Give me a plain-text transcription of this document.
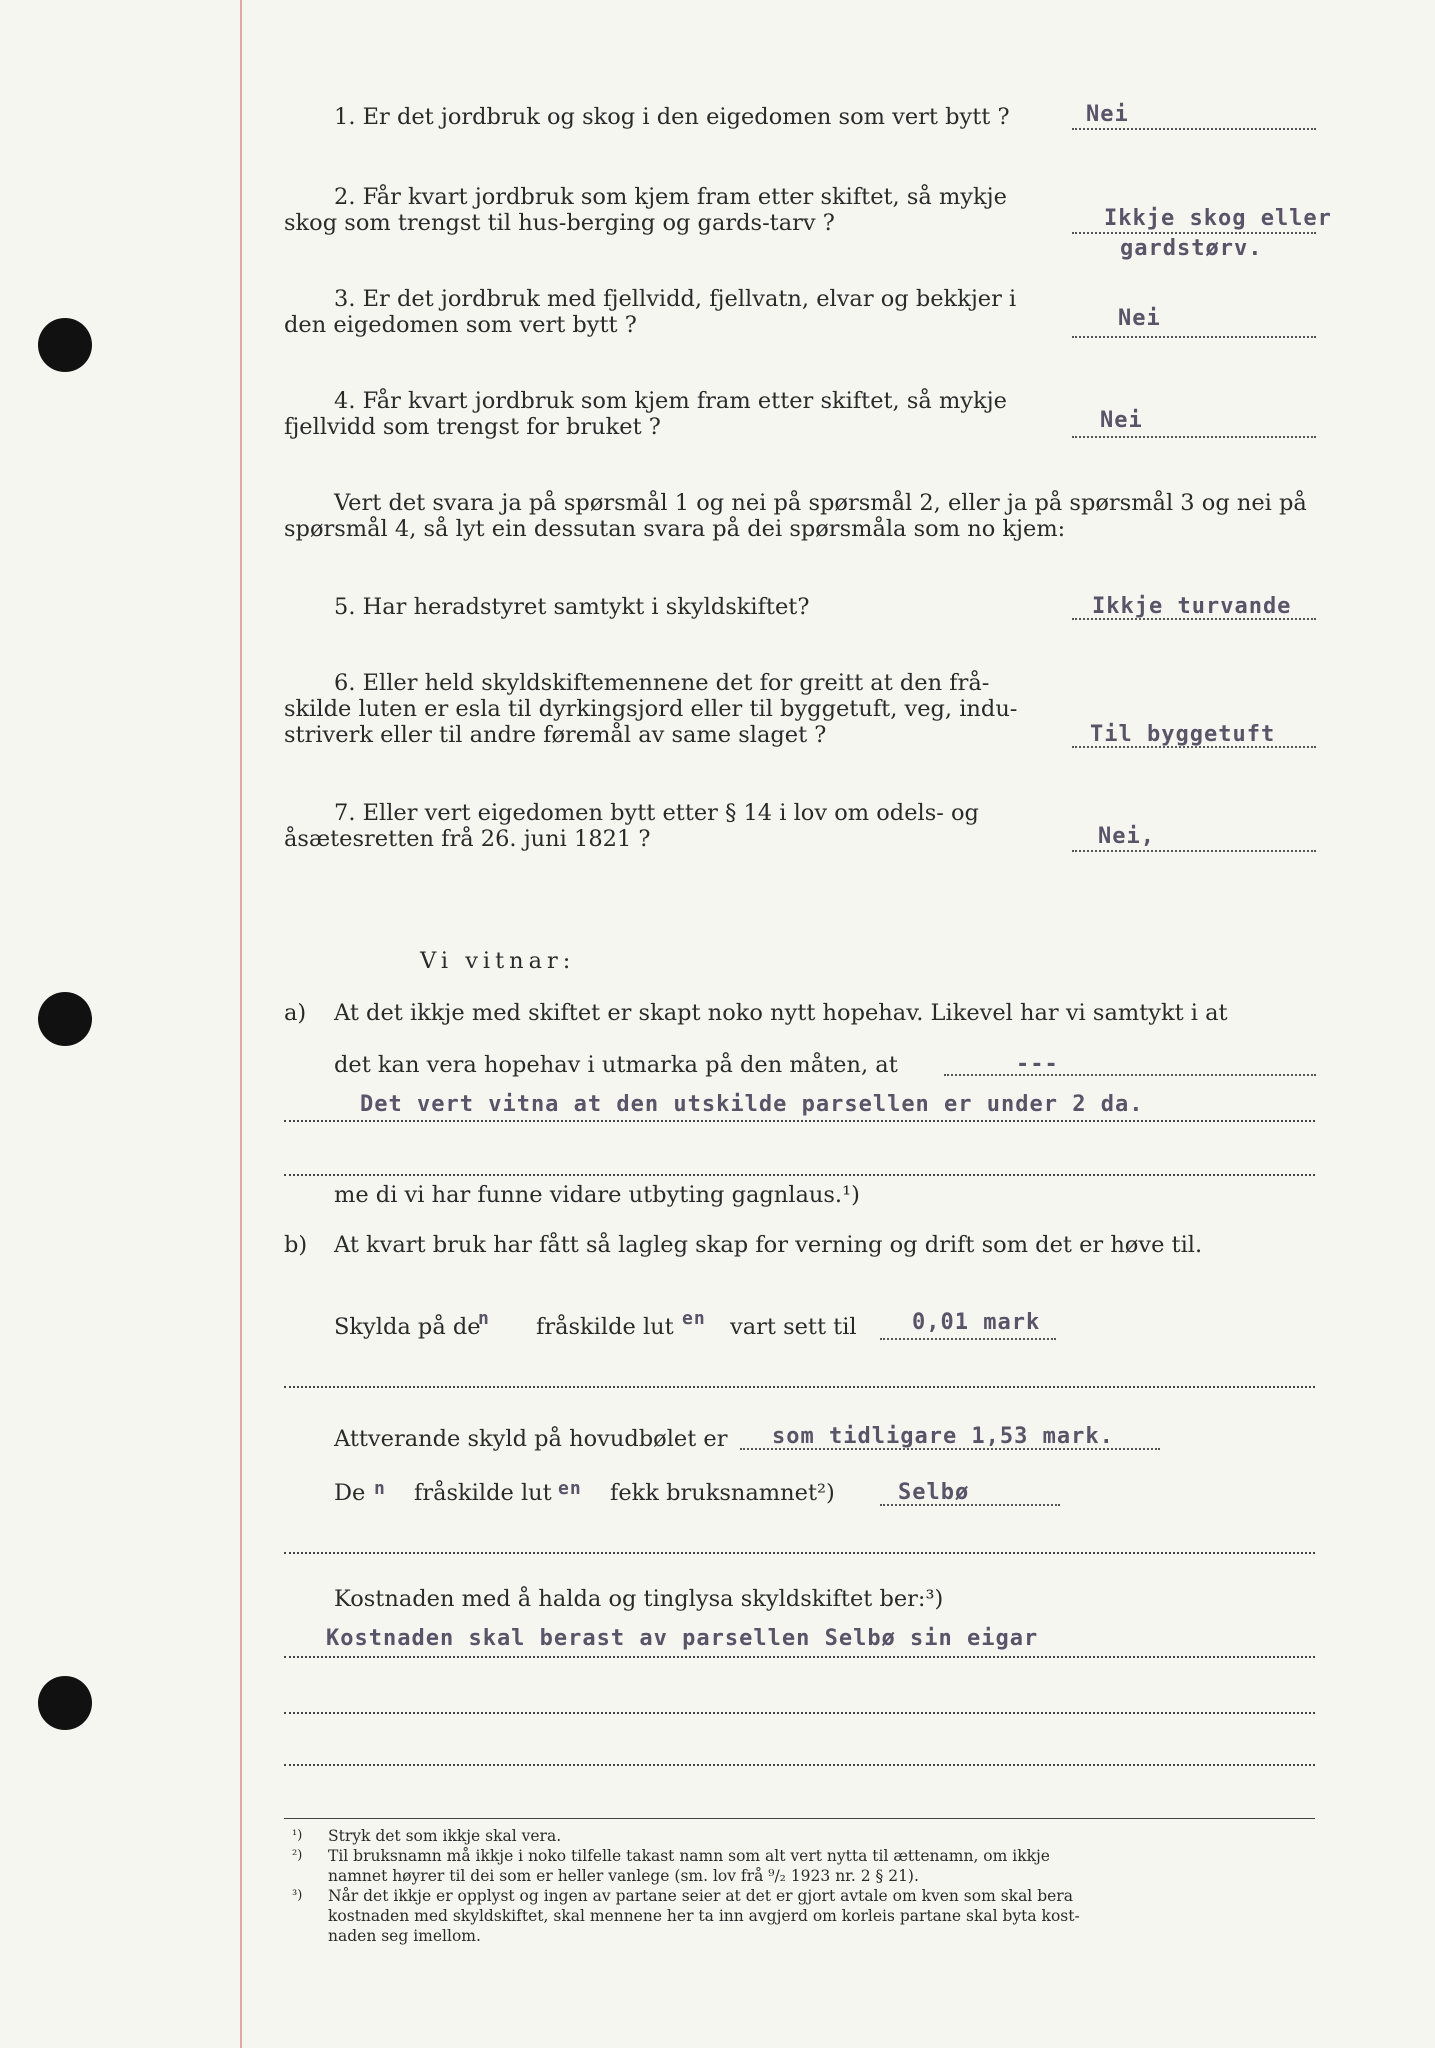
1. Er det jordbruk og skog i den eigedomen som vert bytt ?	Nei
2. Får kvart jordbruk som kjem fram etter skiftet, så mykje
skog som trengst til hus-berging og gards-tarv ?	Ikkje skog eller
gardstørv.
3. Er det jordbruk med fjellvidd, fjellvatn, elvar og bekkjer i
den eigedomen som vert bytt ?	Nei
4. Får kvart jordbruk som kjem fram etter skiftet, så mykje
fjellvidd som trengst for bruket ?	Nei
Vert det svara ja på spørsmål 1 og nei på spørsmål 2, eller ja på spørsmål 3 og nei på
spørsmål 4, så lyt ein dessutan svara på dei spørsmåla som no kjem:
5. Har heradstyret samtykt i skyldskiftet?	Ikkje turvande
6. Eller held skyldskiftemennene det for greitt at den frå-
skilde luten er esla til dyrkingsjord eller til byggetuft, veg, indu-
striverk eller til andre føremål av same slaget ?	Til byggetuft
7. Eller vert eigedomen bytt etter § 14 i lov om odels- og
åsætesretten frå 26. juni 1821 ?	Nei,
Vi vitnar:
a) At det ikkje med skiftet er skapt noko nytt hopehav. Likevel har vi samtykt i at
det kan vera hopehav i utmarka på den måten, at	---
Det vert vitna at den utskilde parsellen er under 2 da.
me di vi har funne vidare utbyting gagnlaus.¹)
b) At kvart bruk har fått så lagleg skap for verning og drift som det er høve til.
Skylda på de
n fråskilde lut en vart sett til	0,01 mark
Attverande skyld på hovudbølet er som tidligare 1,53 mark.
De n fråskilde lut en fekk bruksnamnet²)	Selbø
Kostnaden med å halda og tinglysa skyldskiftet ber:³)
Kostnaden skal berast av parsellen Selbø sin eigar
¹) Stryk det som ikkje skal vera.
²) Til bruksnamn må ikkje i noko tilfelle takast namn som alt vert nytta til ættenamn, om ikkje
namnet høyrer til dei som er heller vanlege (sm. lov frå ⁹/₂ 1923 nr. 2 § 21).
³) Når det ikkje er opplyst og ingen av partane seier at det er gjort avtale om kven som skal bera
kostnaden med skyldskiftet, skal mennene her ta inn avgjerd om korleis partane skal byta kost-
naden seg imellom.
